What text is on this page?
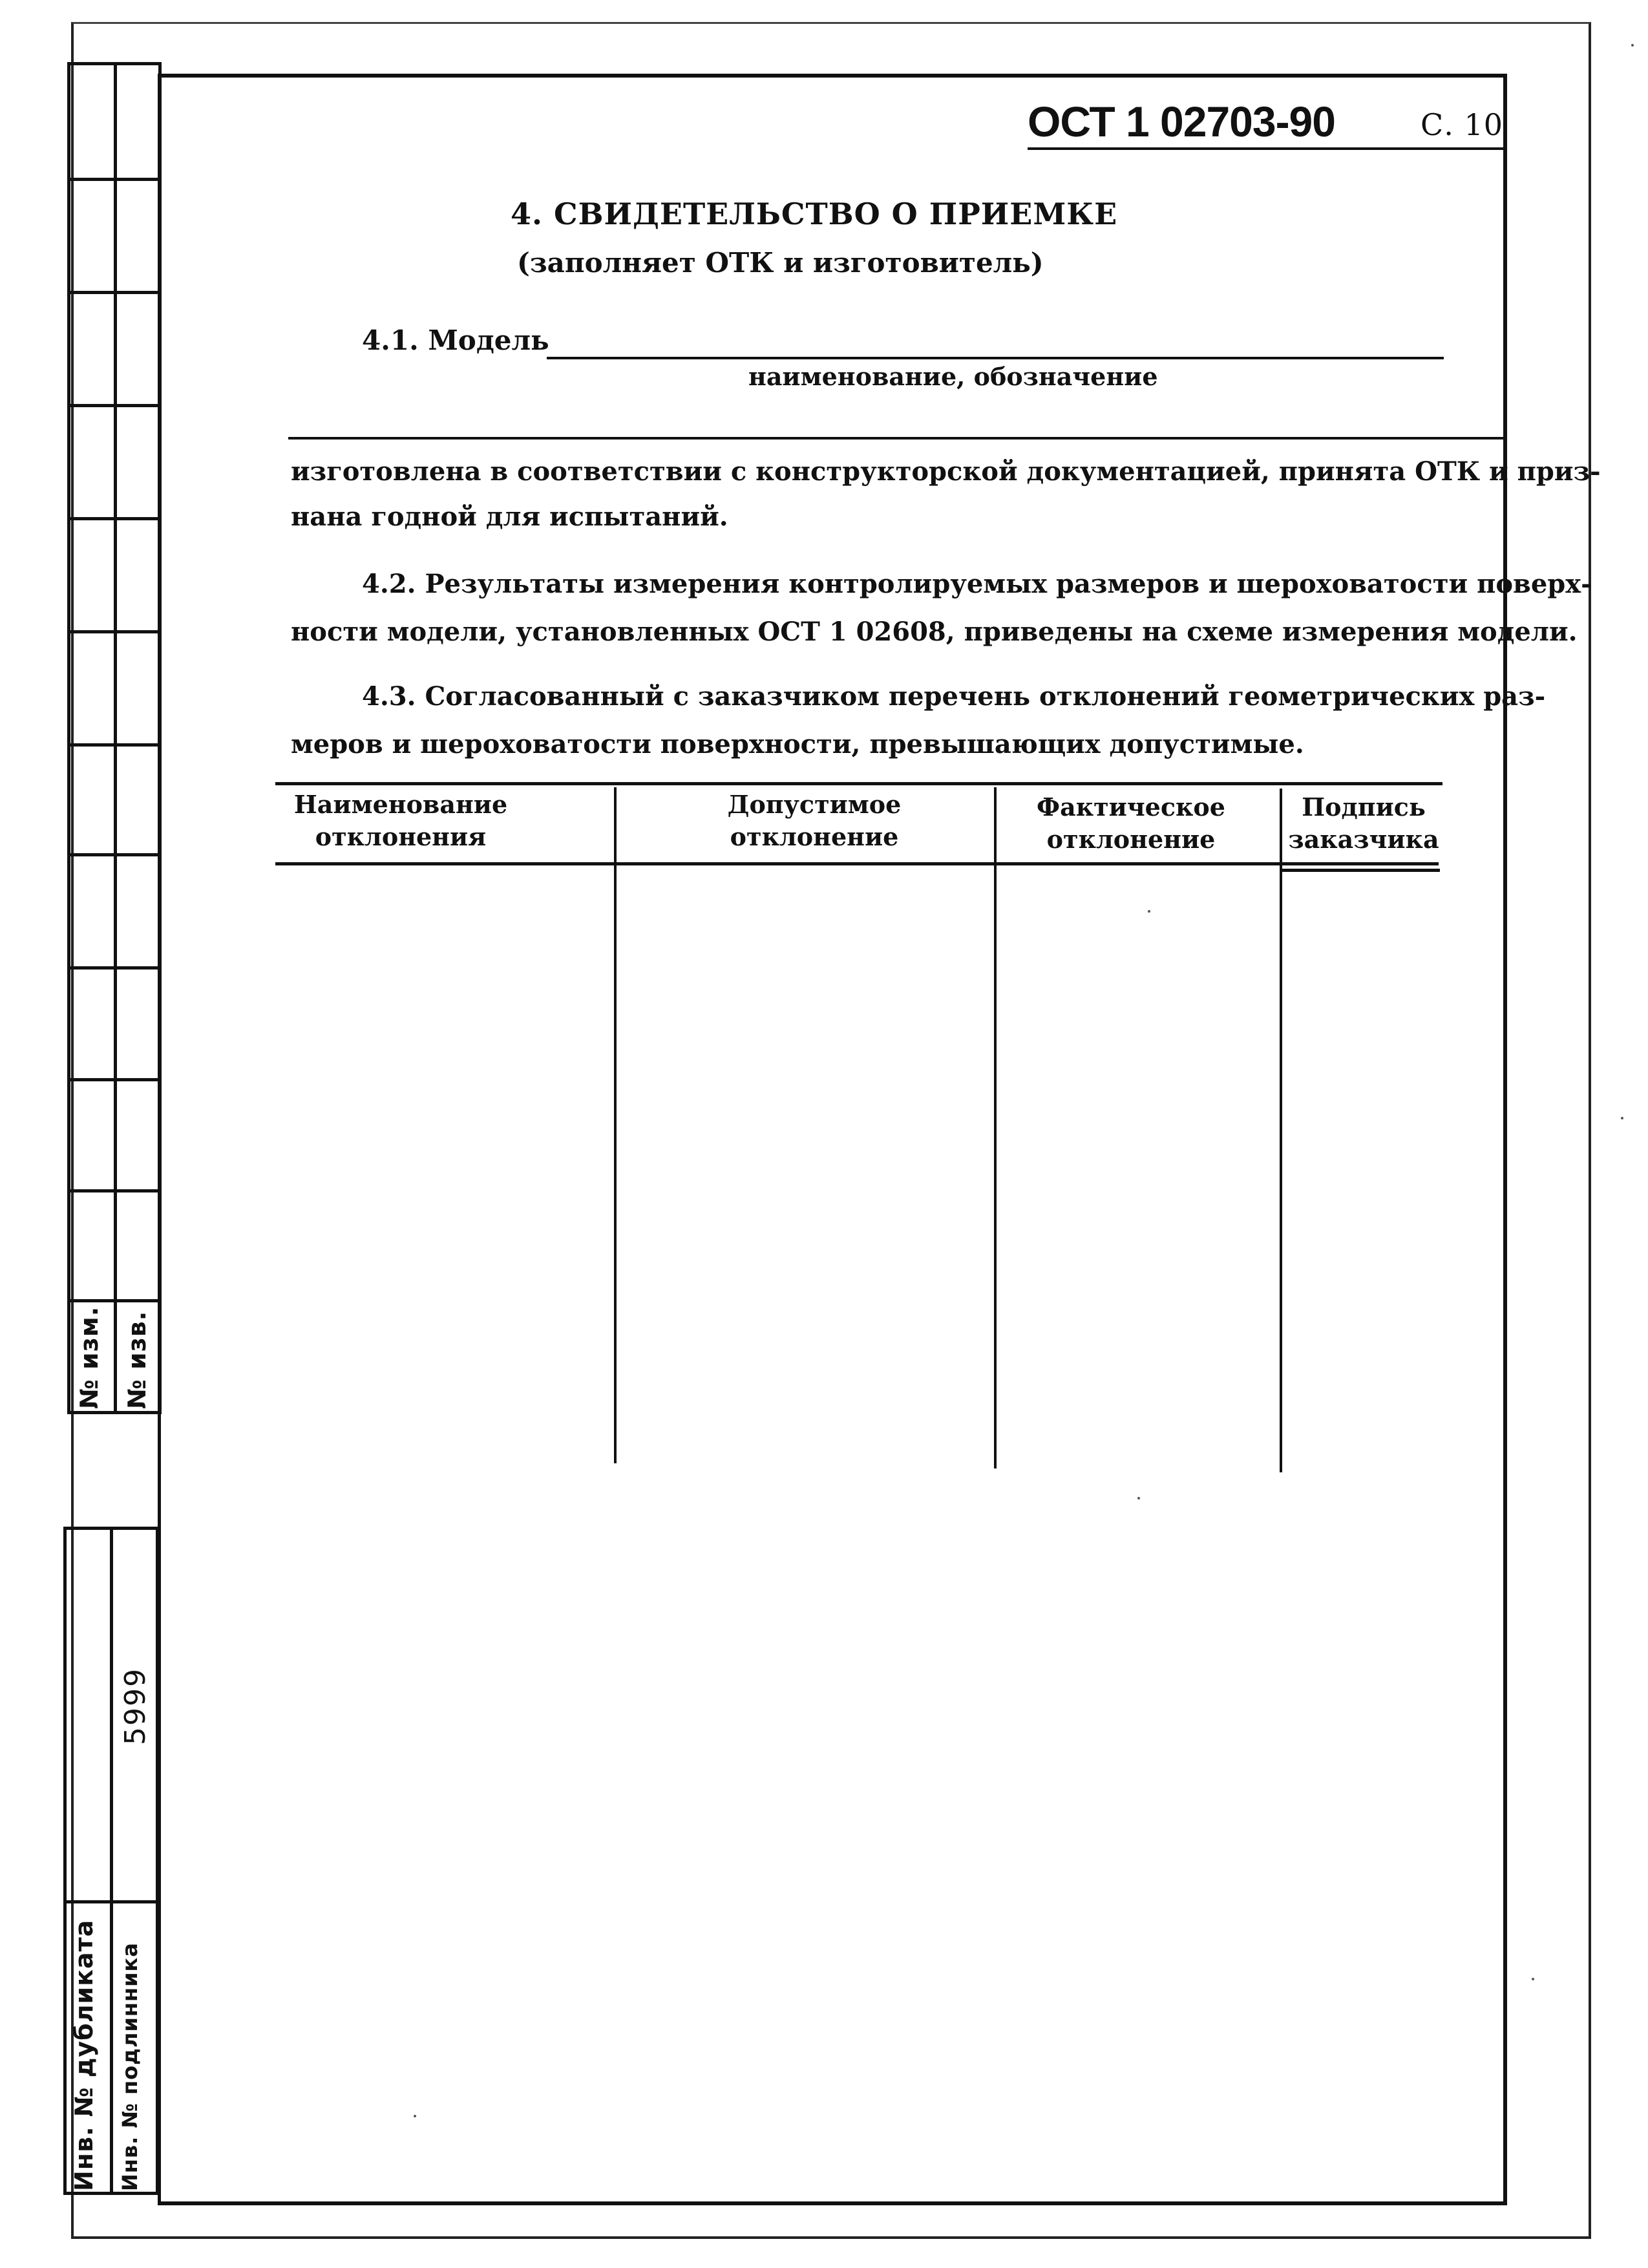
№ изм. № изв.
5999
Инв. № дубликата Инв. № подлинника
ОСТ 1 02703-90	С. 10
4. СВИДЕТЕЛЬСТВО О ПРИЕМКЕ
(заполняет ОТК и изготовитель)
4.1. Модель
наименование, обозначение
изготовлена в соответствии с конструкторской документацией, принята ОТК и приз-
нана годной для испытаний.
4.2. Результаты измерения контролируемых размеров и шероховатости поверх-
ности модели, установленных ОСТ 1 02608, приведены на схеме измерения модели.
4.3. Согласованный с заказчиком перечень отклонений геометрических раз-
меров и шероховатости поверхности, превышающих допустимые.
Наименование
отклонения
Допустимое
отклонение
Фактическое
отклонение
Подпись
заказчика
